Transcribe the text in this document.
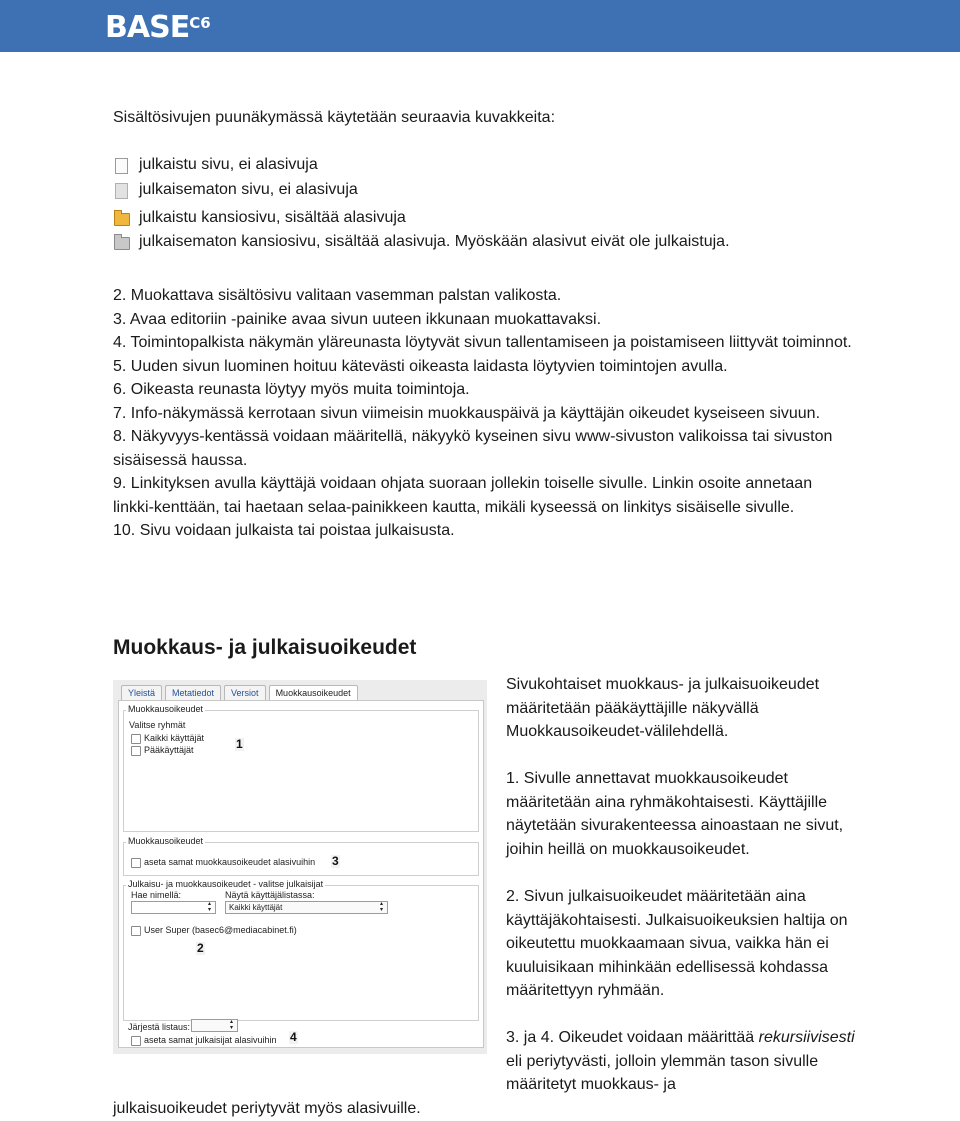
$BASE^{C6}$

Sisältösivujen puunäkymässä käytetään seuraavia kuvakkeita:

julkaistu sivu, ei alasivuja
julkaisematon sivu, ei alasivuja
julkaistu kansiosivu, sisältää alasivuja
julkaisematon kansiosivu, sisältää alasivuja. Myöskään alasivut eivät ole julkaistuja.
2. Muokattava sisältösivu valitaan vasemman palstan valikosta.
3. Avaa editoriin -painike avaa sivun uuteen ikkunaan muokattavaksi.
4. Toimintopalkista näkymän yläreunasta löytyvät sivun tallentamiseen ja poistamiseen liittyvät toiminnot.
5. Uuden sivun luominen hoituu kätevästi oikeasta laidasta löytyvien toimintojen avulla.
6. Oikeasta reunasta löytyy myös muita toimintoja.
7. Info-näkymässä kerrotaan sivun viimeisin muokkauspäivä ja käyttäjän oikeudet kyseiseen sivuun.
8. Näkyvyys-kentässä voidaan määritellä, näkyykö kyseinen sivu www-sivuston valikoissa tai sivuston sisäisessä haussa.
9. Linkityksen avulla käyttäjä voidaan ohjata suoraan jollekin toiselle sivulle. Linkin osoite annetaan linkki-kenttään, tai haetaan selaa-painikkeen kautta, mikäli kyseessä on linkitys sisäiselle sivulle.
10. Sivu voidaan julkaista tai poistaa julkaisusta.
Muokkaus- ja julkaisuoikeudet
Yleistä	Metatiedot	Versiot	Muokkausoikeudet
Muokkausoikeudet
Valitse ryhmät
Kaikki käyttäjät
Pääkäyttäjät	1
Muokkausoikeudet
aseta samat muokkausoikeudet alasivuihin 3
Julkaisu- ja muokkausoikeudet - valitse julkaisijat
Hae nimellä:
▴▾	Näytä käyttäjälistassa:
Kaikki käyttäjät ▴▾
User Super (basec6@mediacabinet.fi)
2
Järjestä listaus:
▴▾
aseta samat julkaisijat alasivuihin 4
Sivukohtaiset muokkaus- ja julkaisuoikeudet määritetään pääkäyttäjille näkyvällä Muokkausoikeudet-välilehdellä.
1. Sivulle annettavat muokkausoikeudet määritetään aina ryhmäkohtaisesti. Käyttäjille näytetään sivurakenteessa ainoastaan ne sivut, joihin heillä on muokkausoikeudet.
2. Sivun julkaisuoikeudet määritetään aina käyttäjäkohtaisesti. Julkaisuoikeuksien haltija on oikeutettu muokkaamaan sivua, vaikka hän ei kuuluisikaan mihinkään edellisessä kohdassa määritettyyn ryhmään.
3. ja 4. Oikeudet voidaan määrittää rekursiivisesti eli periytyvästi, jolloin ylemmän tason sivulle määritetyt muokkaus- ja
julkaisuoikeudet periytyvät myös alasivuille.
